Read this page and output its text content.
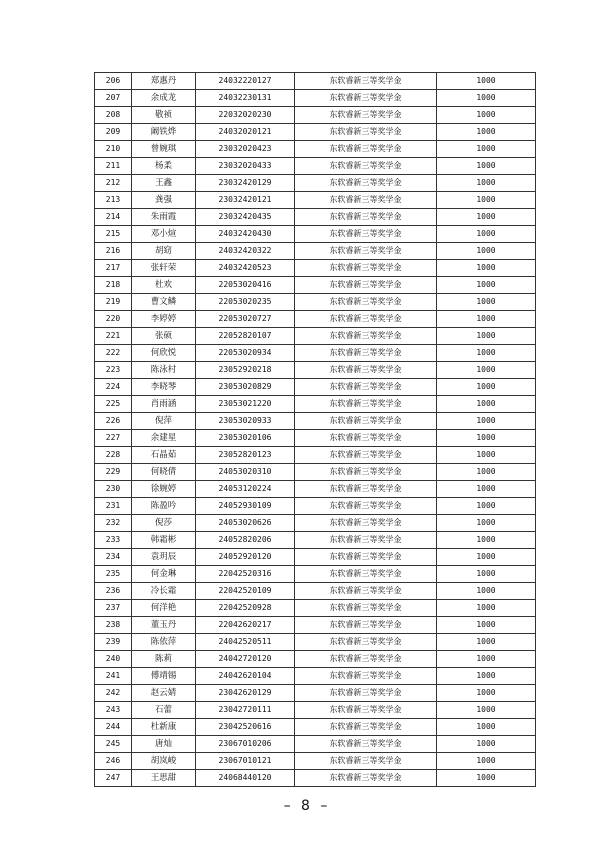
206	郑惠丹	24032220127	东软睿新三等奖学金	1000
207	余成龙	24032230131	东软睿新三等奖学金	1000
208	敬祯	22032020230	东软睿新三等奖学金	1000
209	阚铁烨	24032020121	东软睿新三等奖学金	1000
210	曾婉琪	23032020423	东软睿新三等奖学金	1000
211	杨柔	23032020433	东软睿新三等奖学金	1000
212	王鑫	23032420129	东软睿新三等奖学金	1000
213	龚强	23032420121	东软睿新三等奖学金	1000
214	朱雨霞	23032420435	东软睿新三等奖学金	1000
215	邓小煊	24032420430	东软睿新三等奖学金	1000
216	胡窈	24032420322	东软睿新三等奖学金	1000
217	张轩荣	24032420523	东软睿新三等奖学金	1000
218	杜欢	22053020416	东软睿新三等奖学金	1000
219	曹文鳞	22053020235	东软睿新三等奖学金	1000
220	李婷婷	22053020727	东软睿新三等奖学金	1000
221	张硕	22052820107	东软睿新三等奖学金	1000
222	何欣悦	22053020934	东软睿新三等奖学金	1000
223	陈泳村	23052920218	东软睿新三等奖学金	1000
224	李晓琴	23053020829	东软睿新三等奖学金	1000
225	肖雨涵	23053021220	东软睿新三等奖学金	1000
226	倪萍	23053020933	东软睿新三等奖学金	1000
227	余建星	23053020106	东软睿新三等奖学金	1000
228	石晶茹	23052820123	东软睿新三等奖学金	1000
229	何晓倩	24053020310	东软睿新三等奖学金	1000
230	徐婉婷	24053120224	东软睿新三等奖学金	1000
231	陈盈吟	24052930109	东软睿新三等奖学金	1000
232	倪莎	24053020626	东软睿新三等奖学金	1000
233	韩霜彬	24052820206	东软睿新三等奖学金	1000
234	袁玥辰	24052920120	东软睿新三等奖学金	1000
235	何金琳	22042520316	东软睿新三等奖学金	1000
236	冷长霜	22042520109	东软睿新三等奖学金	1000
237	何洋艳	22042520928	东软睿新三等奖学金	1000
238	董玉丹	22042620217	东软睿新三等奖学金	1000
239	陈依萍	24042520511	东软睿新三等奖学金	1000
240	陈莉	24042720120	东软睿新三等奖学金	1000
241	傅靖锡	24042620104	东软睿新三等奖学金	1000
242	赵云婧	23042620129	东软睿新三等奖学金	1000
243	石蕾	23042720111	东软睿新三等奖学金	1000
244	杜新康	23042520616	东软睿新三等奖学金	1000
245	唐灿	23067010206	东软睿新三等奖学金	1000
246	胡岚峻	23067010121	东软睿新三等奖学金	1000
247	王思甜	24068440120	东软睿新三等奖学金	1000
– 8 –
